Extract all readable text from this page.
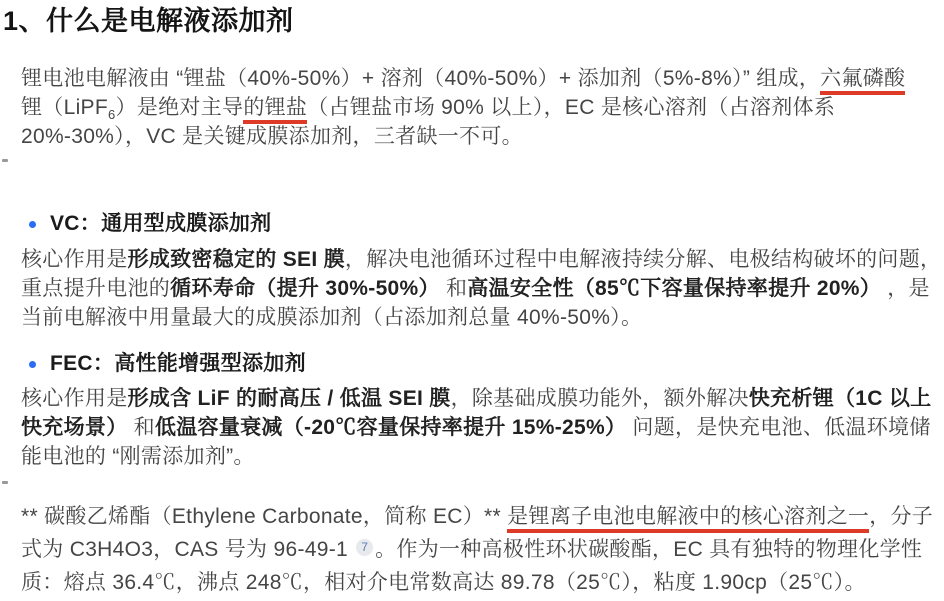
1、什么是电解液添加剂
锂电池电解液由 “锂盐（40%-50%）+ 溶剂（40%-50%）+ 添加剂（5%-8%）” 组成，六氟磷酸
锂（LiPF$_6$）是绝对主导的锂盐（占锂盐市场 90% 以上），EC 是核心溶剂（占溶剂体系
20%-30%），VC 是关键成膜添加剂，三者缺一不可。
VC：通用型成膜添加剂
核心作用是形成致密稳定的 SEI 膜，解决电池循环过程中电解液持续分解、电极结构破坏的问题，
重点提升电池的循环寿命（提升 30%-50%） 和高温安全性（85℃下容量保持率提升 20%） ，是
当前电解液中用量最大的成膜添加剂（占添加剂总量 40%-50%）。
FEC：高性能增强型添加剂
核心作用是形成含 LiF 的耐高压 / 低温 SEI 膜，除基础成膜功能外，额外解决快充析锂（1C 以上
快充场景） 和低温容量衰减（-20℃容量保持率提升 15%-25%） 问题，是快充电池、低温环境储
能电池的 “刚需添加剂”。
** 碳酸乙烯酯（Ethylene Carbonate，简称 EC）** 是锂离子电池电解液中的核心溶剂之一，分子
式为 C3H4O3，CAS 号为 96-49-1 7 。作为一种高极性环状碳酸酯，EC 具有独特的物理化学性
质：熔点 36.4℃，沸点 248℃，相对介电常数高达 89.78（25℃），粘度 1.90cp（25℃）。
